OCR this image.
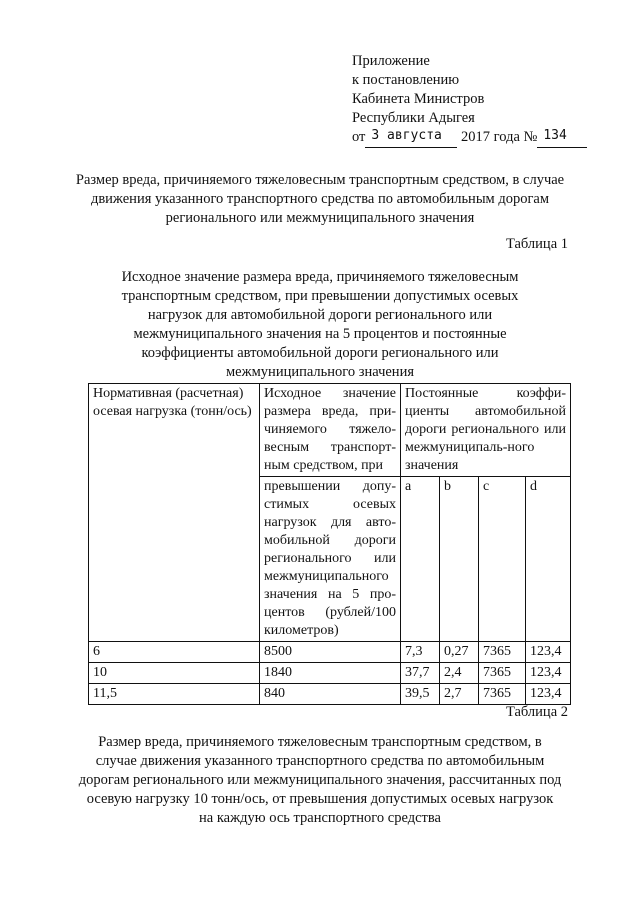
Приложение
к постановлению
Кабинета Министров
Республики Адыгея
от 3 августа 2017 года № 134
Размер вреда, причиняемого тяжеловесным транспортным средством, в случае движения указанного транспортного средства по автомобильным дорогам регионального или межмуниципального значения
Таблица 1
Исходное значение размера вреда, причиняемого тяжеловесным транспортным средством, при превышении допустимых осевых нагрузок для автомобильной дороги регионального или межмуниципального значения на 5 процентов и постоянные коэффициенты автомобильной дороги регионального или межмуниципального значения
Нормативная (расчетная) осевая нагрузка (тонн/ось)	Исходное значение размера вреда, при-чиняемого тяжело-весным транспорт-ным средством, при	Постоянные коэффи-циенты автомобильной дороги регионального или межмуниципаль-ного значения			
	превышении допу-стимых осевых нагрузок для авто-мобильной дороги регионального или межмуниципального значения на 5 про-центов (рублей/100 километров)	a	b	c	d
6	8500	7,3	0,27	7365	123,4
10	1840	37,7	2,4	7365	123,4
11,5	840	39,5	2,7	7365	123,4
Таблица 2
Размер вреда, причиняемого тяжеловесным транспортным средством, в случае движения указанного транспортного средства по автомобильным дорогам регионального или межмуниципального значения, рассчитанных под осевую нагрузку 10 тонн/ось, от превышения допустимых осевых нагрузок на каждую ось транспортного средства
